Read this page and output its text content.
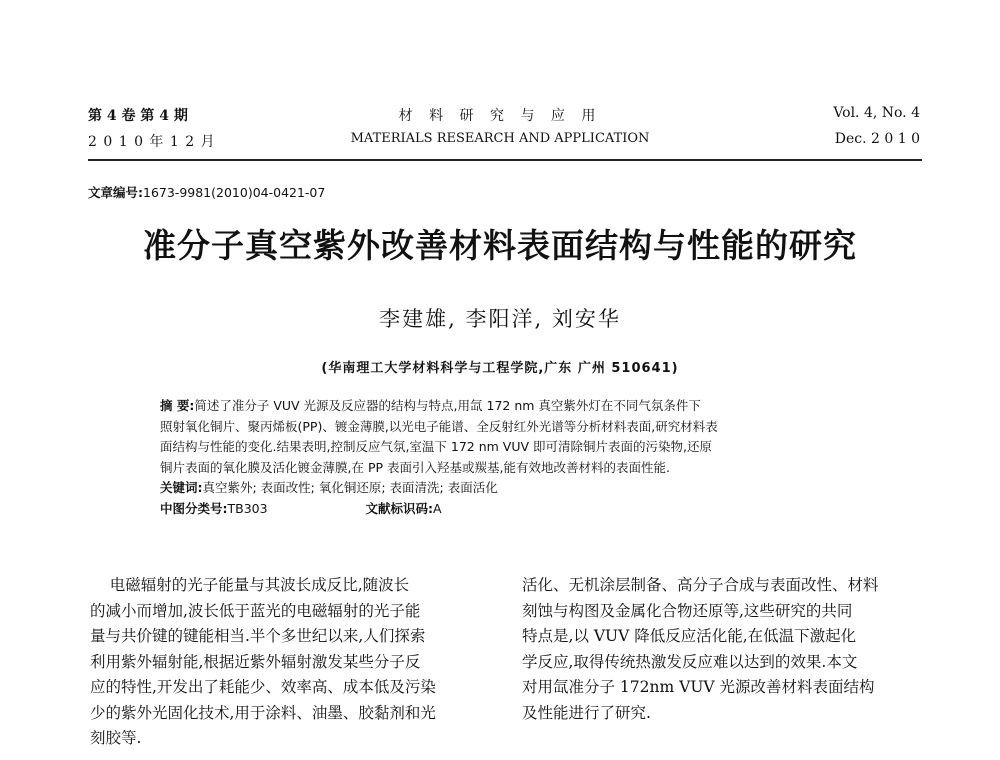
第 4 卷 第 4 期
2 0 1 0 年 1 2 月
材 料 研 究 与 应 用
MATERIALS RESEARCH AND APPLICATION
Vol. 4, No. 4
Dec. 2 0 1 0
文章编号:1673-9981(2010)04-0421-07
准分子真空紫外改善材料表面结构与性能的研究
李建雄, 李阳洋, 刘安华
(华南理工大学材料科学与工程学院,广东 广州 510641)
摘 要:简述了准分子 VUV 光源及反应器的结构与特点,用氙 172 nm 真空紫外灯在不同气氛条件下
照射氧化铜片、聚丙烯板(PP)、镀金薄膜,以光电子能谱、全反射红外光谱等分析材料表面,研究材料表
面结构与性能的变化.结果表明,控制反应气氛,室温下 172 nm VUV 即可清除铜片表面的污染物,还原
铜片表面的氧化膜及活化镀金薄膜,在 PP 表面引入羟基或羰基,能有效地改善材料的表面性能.
关键词:真空紫外; 表面改性; 氧化铜还原; 表面清洗; 表面活化
中图分类号:TB303	文献标识码:A
电磁辐射的光子能量与其波长成反比,随波长
的减小而增加,波长低于蓝光的电磁辐射的光子能
量与共价键的键能相当.半个多世纪以来,人们探索
利用紫外辐射能,根据近紫外辐射激发某些分子反
应的特性,开发出了耗能少、效率高、成本低及污染
少的紫外光固化技术,用于涂料、油墨、胶黏剂和光
刻胶等.
活化、无机涂层制备、高分子合成与表面改性、材料
刻蚀与构图及金属化合物还原等,这些研究的共同
特点是,以 VUV 降低反应活化能,在低温下激起化
学反应,取得传统热激发反应难以达到的效果.本文
对用氙准分子 172nm VUV 光源改善材料表面结构
及性能进行了研究.
